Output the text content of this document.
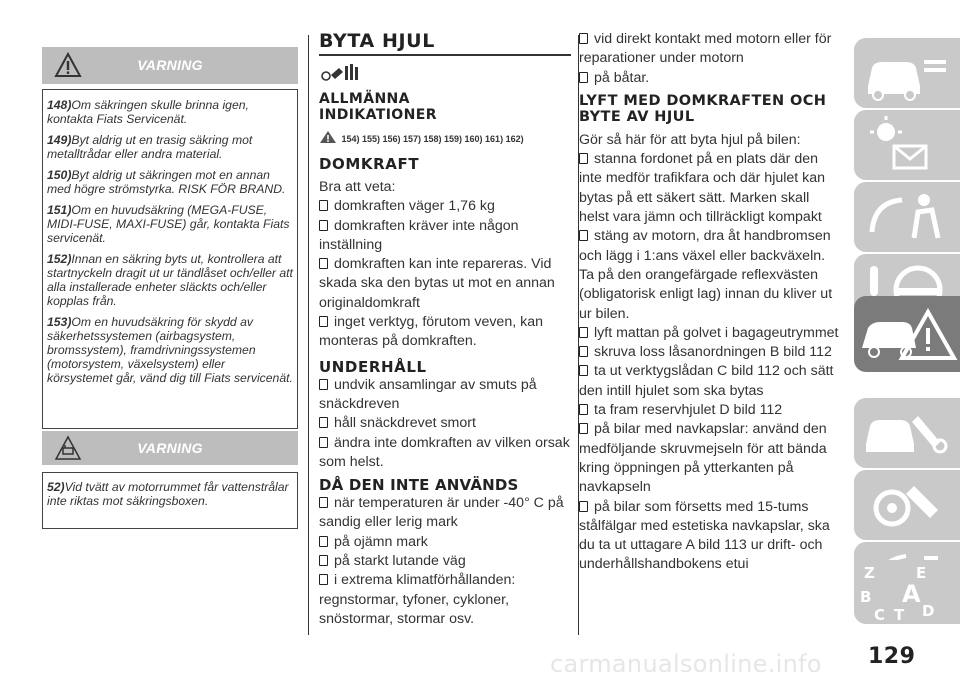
VARNING

148)Om säkringen skulle brinna igen, kontakta Fiats Servicenät.

149)Byt aldrig ut en trasig säkring mot metalltrådar eller andra material.

150)Byt aldrig ut säkringen mot en annan med högre strömstyrka. RISK FÖR BRAND.

151)Om en huvudsäkring (MEGA-FUSE, MIDI-FUSE, MAXI-FUSE) går, kontakta Fiats servicenät.

152)Innan en säkring byts ut, kontrollera att startnyckeln dragit ut ur tändlåset och/eller att alla installerade enheter släckts och/eller kopplas från.

153)Om en huvudsäkring för skydd av säkerhetssystemen (airbagsystem, bromssystem), framdrivningssystemen (motorsystem, växelsystem) eller körsystemet går, vänd dig till Fiats servicenät.

VARNING

52)Vid tvätt av motorrummet får vattenstrålar inte riktas mot säkringsboxen.

BYTA HJUL
ALLMÄNNA INDIKATIONER
154) 155) 156) 157) 158) 159) 160) 161) 162)
DOMKRAFT
Bra att veta:
domkraften väger 1,76 kg
domkraften kräver inte någon inställning
domkraften kan inte repareras. Vid skada ska den bytas ut mot en annan originaldomkraft
inget verktyg, förutom veven, kan monteras på domkraften.
UNDERHÅLL
undvik ansamlingar av smuts på snäckdreven
håll snäckdrevet smort
ändra inte domkraften av vilken orsak som helst.
DÅ DEN INTE ANVÄNDS
när temperaturen är under -40° C på sandig eller lerig mark
på ojämn mark
på starkt lutande väg
i extrema klimatförhållanden: regnstormar, tyfoner, cykloner, snöstormar, stormar osv.
vid direkt kontakt med motorn eller för reparationer under motorn
på båtar.
LYFT MED DOMKRAFTEN OCH BYTE AV HJUL
Gör så här för att byta hjul på bilen:
stanna fordonet på en plats där den inte medför trafikfara och där hjulet kan bytas på ett säkert sätt. Marken skall helst vara jämn och tillräckligt kompakt
stäng av motorn, dra åt handbromsen och lägg i 1:ans växel eller backväxeln. Ta på den orangefärgade reflexvästen (obligatorisk enligt lag) innan du kliver ut ur bilen.
lyft mattan på golvet i bagageutrymmet
skruva loss låsanordningen B bild 112
ta ut verktygslådan C bild 112 och sätt den intill hjulet som ska bytas
ta fram reservhjulet D bild 112
på bilar med navkapslar: använd den medföljande skruvmejseln för att bända kring öppningen på ytterkanten på navkapseln
på bilar som försetts med 15-tums stålfälgar med estetiska navkapslar, ska du ta ut uttagare A bild 113 ur drift- och underhållshandbokens etui	Z	E
B A
C T D
129
carmanualsonline.info
